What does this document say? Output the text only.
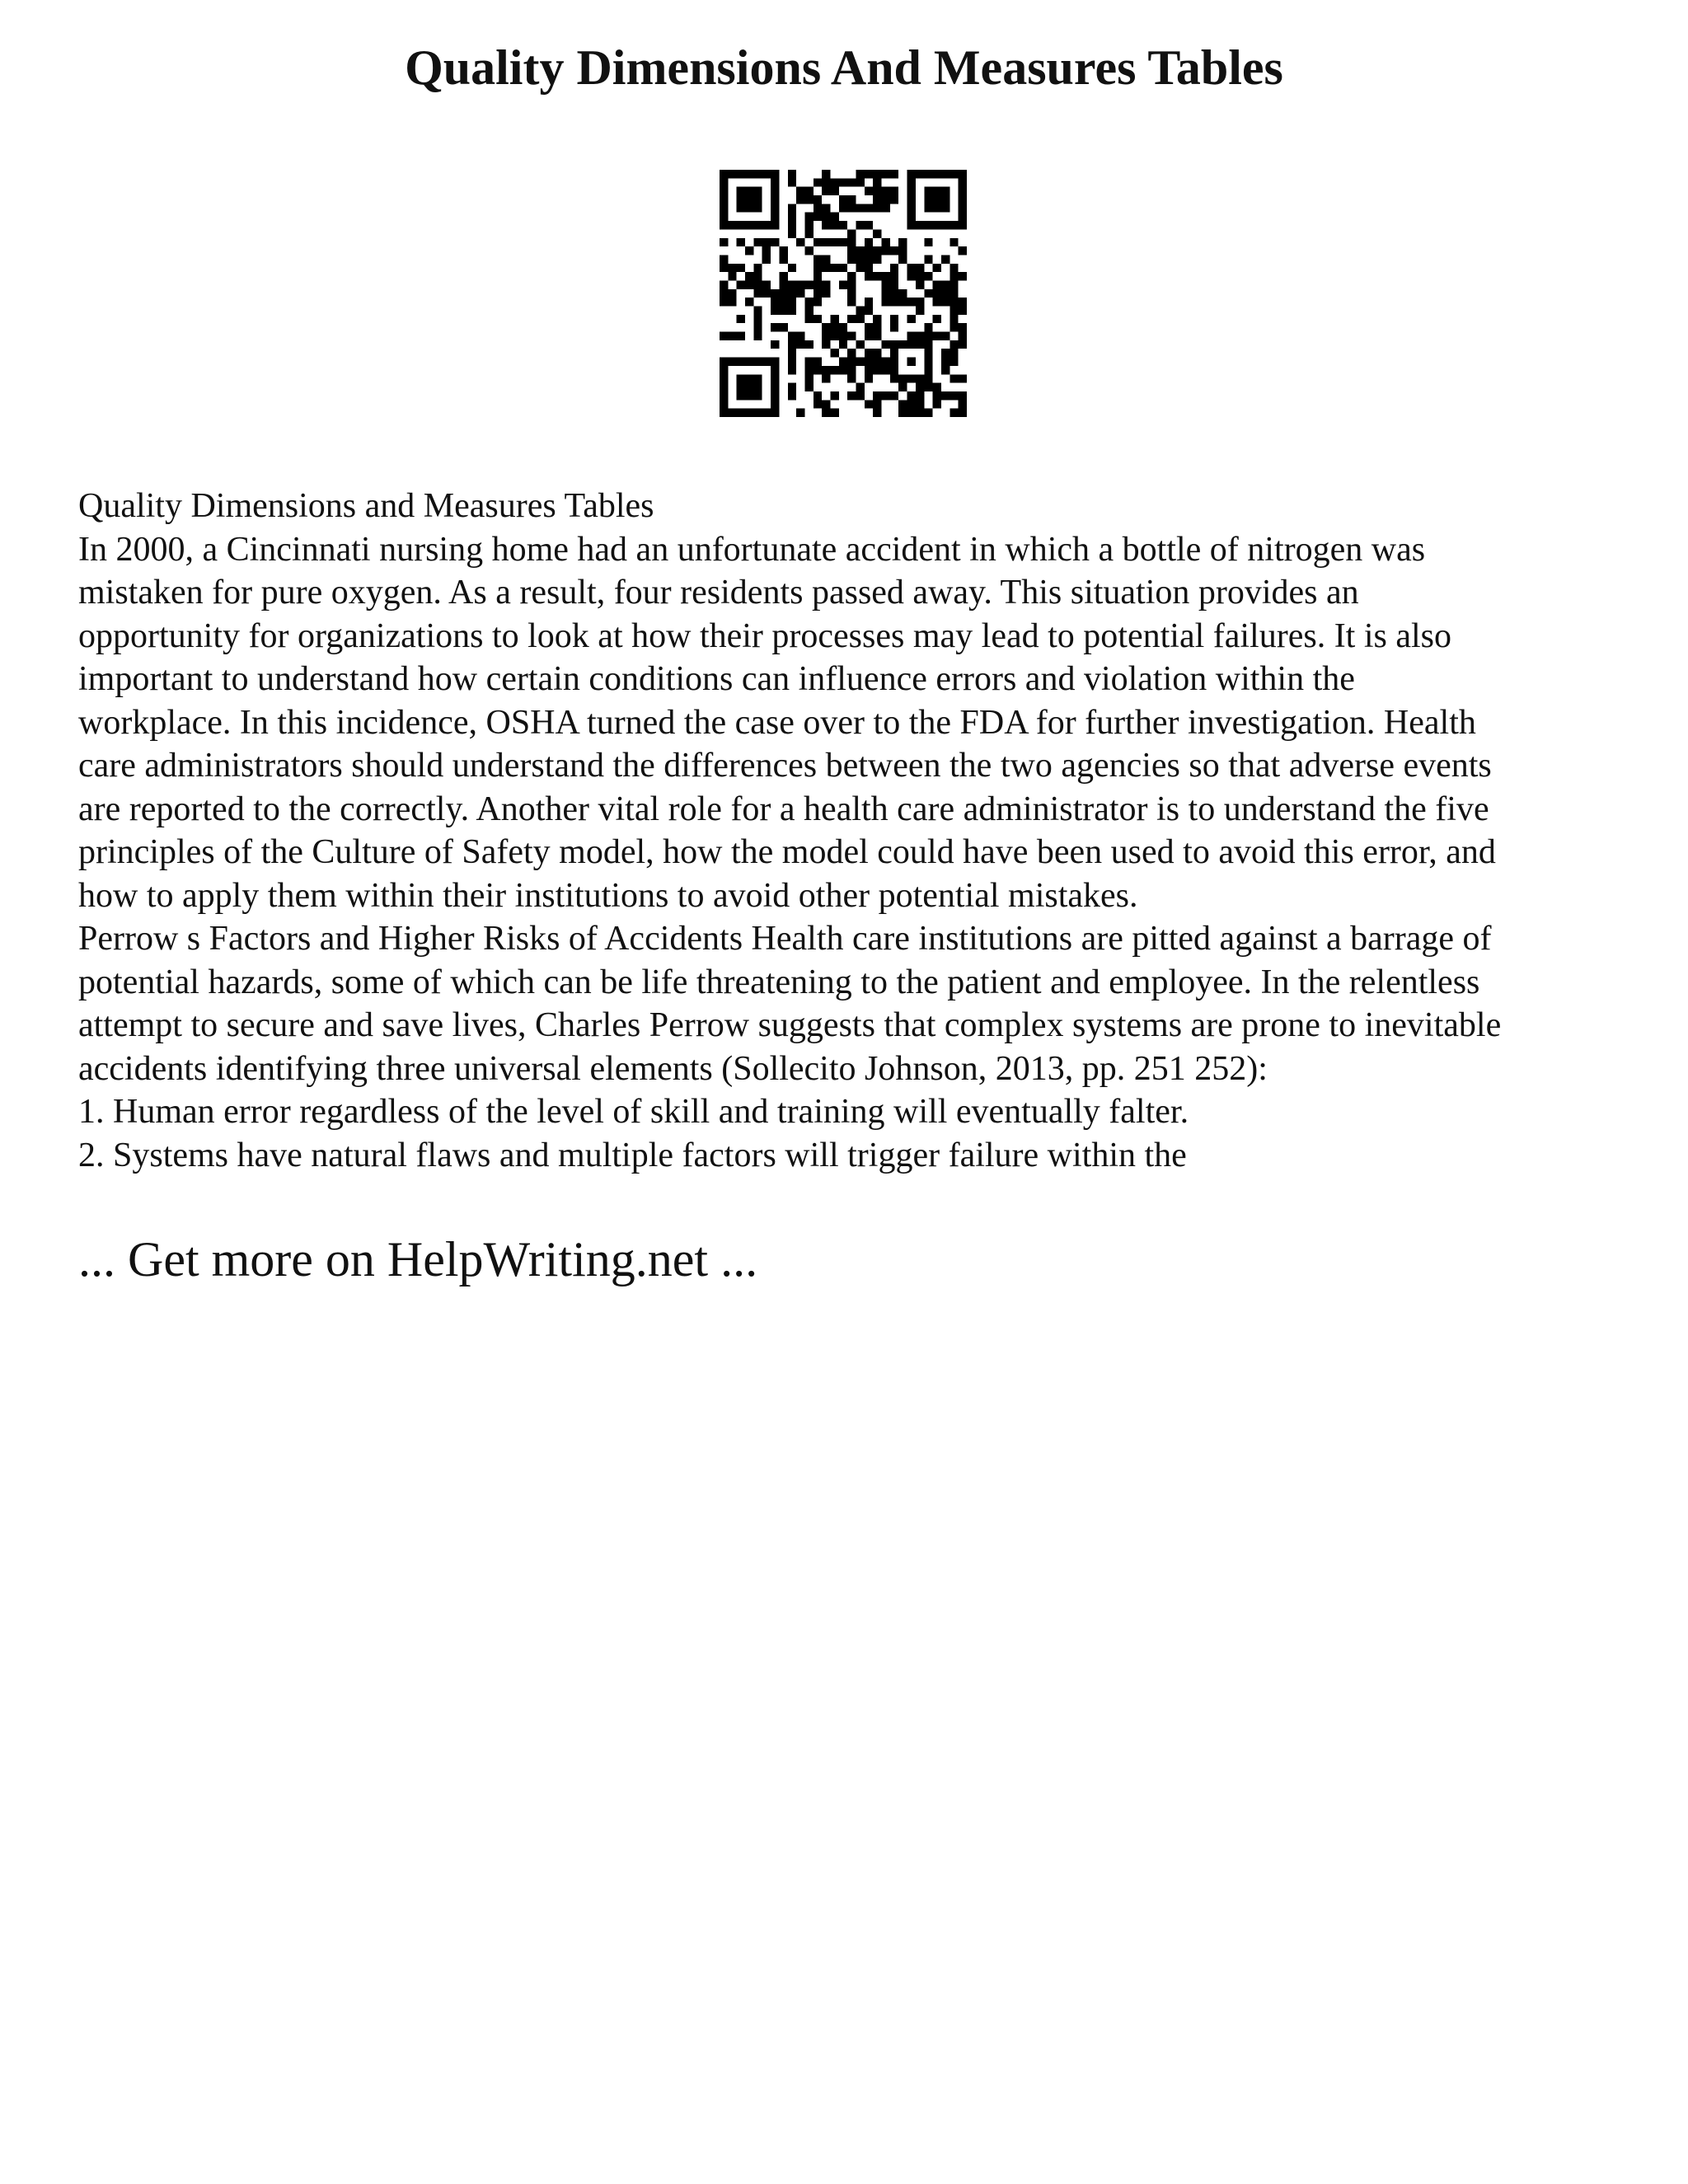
Quality Dimensions And Measures Tables
Quality Dimensions and Measures Tables
In 2000, a Cincinnati nursing home had an unfortunate accident in which a bottle of nitrogen was
mistaken for pure oxygen. As a result, four residents passed away. This situation provides an
opportunity for organizations to look at how their processes may lead to potential failures. It is also
important to understand how certain conditions can influence errors and violation within the
workplace. In this incidence, OSHA turned the case over to the FDA for further investigation. Health
care administrators should understand the differences between the two agencies so that adverse events
are reported to the correctly. Another vital role for a health care administrator is to understand the five
principles of the Culture of Safety model, how the model could have been used to avoid this error, and
how to apply them within their institutions to avoid other potential mistakes.
Perrow s Factors and Higher Risks of Accidents Health care institutions are pitted against a barrage of
potential hazards, some of which can be life threatening to the patient and employee. In the relentless
attempt to secure and save lives, Charles Perrow suggests that complex systems are prone to inevitable
accidents identifying three universal elements (Sollecito Johnson, 2013, pp. 251 252):
1. Human error regardless of the level of skill and training will eventually falter.
2. Systems have natural flaws and multiple factors will trigger failure within the
... Get more on HelpWriting.net ...
